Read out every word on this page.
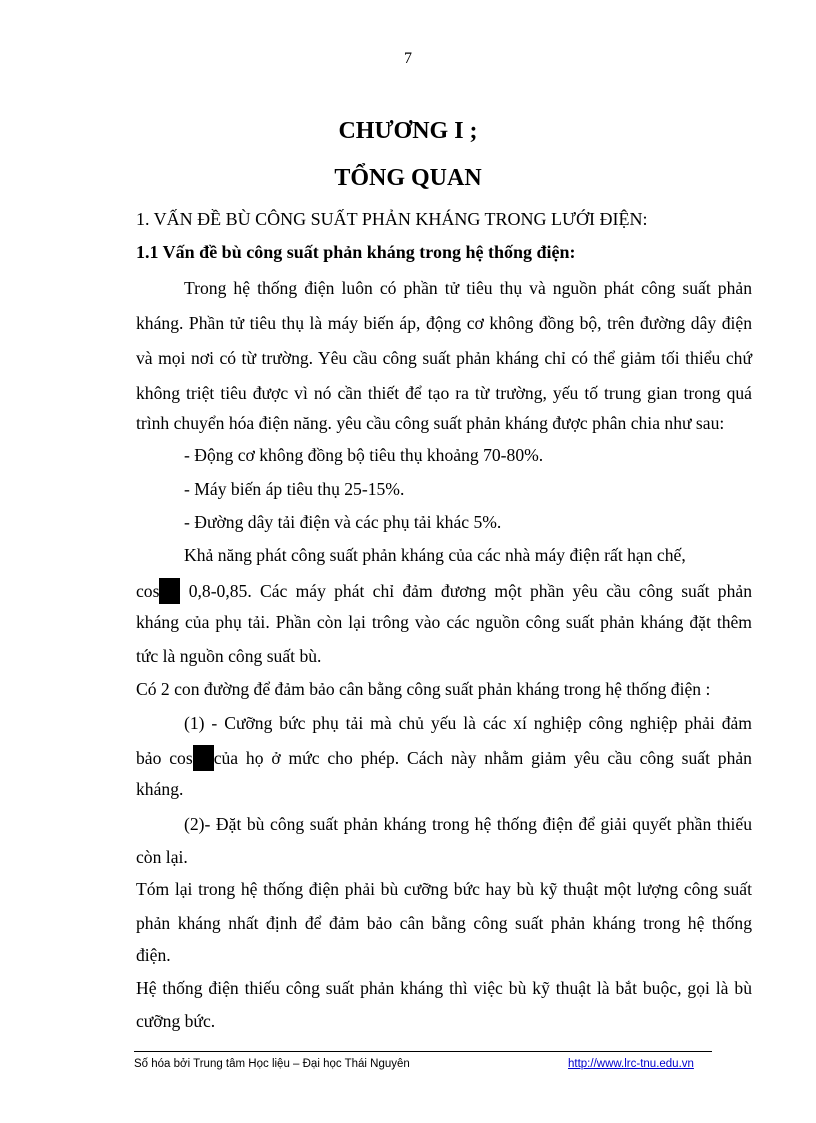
7
CHƯƠNG I ;
TỔNG QUAN
1. VẤN ĐỀ BÙ CÔNG SUẤT PHẢN KHÁNG TRONG LƯỚI ĐIỆN:
1.1 Vấn đề bù công suất phản kháng trong hệ thống điện:
Trong hệ thống điện luôn có phần tử tiêu thụ và nguồn phát công suất phản
kháng. Phần tử tiêu thụ là máy biến áp, động cơ không đồng bộ, trên đường dây điện
và mọi nơi có từ trường. Yêu cầu công suất phản kháng chỉ có thể giảm tối thiểu chứ
không triệt tiêu được vì nó cần thiết để tạo ra từ trường, yếu tố trung gian trong quá
trình chuyển hóa điện năng. yêu cầu công suất phản kháng được phân chia như sau:
- Động cơ không đồng bộ tiêu thụ khoảng 70-80%.
- Máy biến áp tiêu thụ 25-15%.
- Đường dây tải điện và các phụ tải khác 5%.
Khả năng phát công suất phản kháng của các nhà máy điện rất hạn chế,
cos 0,8-0,85. Các máy phát chỉ đảm đương một phần yêu cầu công suất phản
kháng của phụ tải. Phần còn lại trông vào các nguồn công suất phản kháng đặt thêm
tức là nguồn công suất bù.
Có 2 con đường để đảm bảo cân bằng công suất phản kháng trong hệ thống điện :
(1) - Cưỡng bức phụ tải mà chủ yếu là các xí nghiệp công nghiệp phải đảm
bảo cos của họ ở mức cho phép. Cách này nhằm giảm yêu cầu công suất phản
kháng.
(2)- Đặt bù công suất phản kháng trong hệ thống điện để giải quyết phần thiếu
còn lại.
Tóm lại trong hệ thống điện phải bù cưỡng bức hay bù kỹ thuật một lượng công suất
phản kháng nhất định để đảm bảo cân bằng công suất phản kháng trong hệ thống
điện.
Hệ thống điện thiếu công suất phản kháng thì việc bù kỹ thuật là bắt buộc, gọi là bù
cưỡng bức.
Số hóa bởi Trung tâm Học liệu – Đại học Thái Nguyên	http://www.lrc-tnu.edu.vn
